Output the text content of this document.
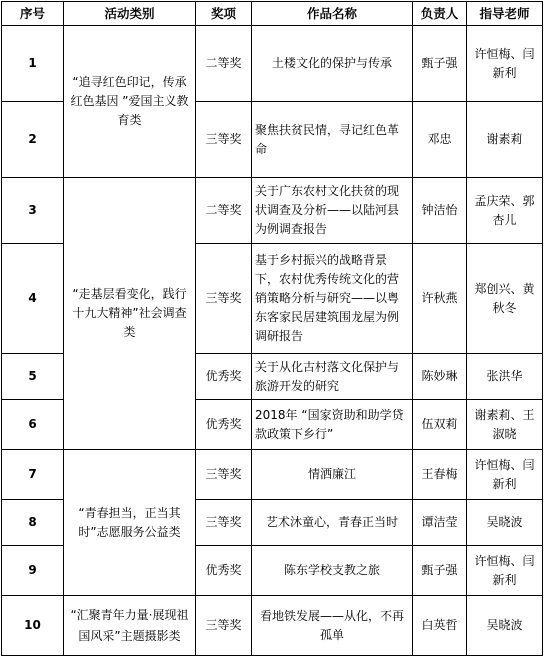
序号	活动类别	奖项	作品名称	负责人	指导老师
1	“追寻红色印记，传承红色基因 ”爱国主义教育类	二等奖	土楼文化的保护与传承	甄子强	许恒梅、闫新利
2		三等奖	聚焦扶贫民情，寻记红色革命	邓忠	谢素莉
3	“走基层看变化，践行十九大精神”社会调查类	二等奖	关于广东农村文化扶贫的现状调查及分析——以陆河县为例调查报告	钟洁怡	孟庆荣、郭杏儿
4		三等奖	基于乡村振兴的战略背景下，农村优秀传统文化的营销策略分析与研究——以粤东客家民居建筑围龙屋为例调研报告	许秋燕	郑创兴、黄秋冬
5		优秀奖	关于从化古村落文化保护与旅游开发的研究	陈妙琳	张洪华
6		优秀奖	2018年 “国家资助和助学贷款政策下乡行”	伍双莉	谢素莉、王淑晓
7	“青春担当，正当其时”志愿服务公益类	三等奖	情洒廉江	王春梅	许恒梅、闫新利
8		三等奖	艺术沐童心，青春正当时	谭洁莹	吴晓波
9		优秀奖	陈东学校支教之旅	甄子强	许恒梅、闫新利
10	“汇聚青年力量·展现祖国风采”主题摄影类	三等奖	看地铁发展——从化，不再孤单	白英哲	吴晓波
